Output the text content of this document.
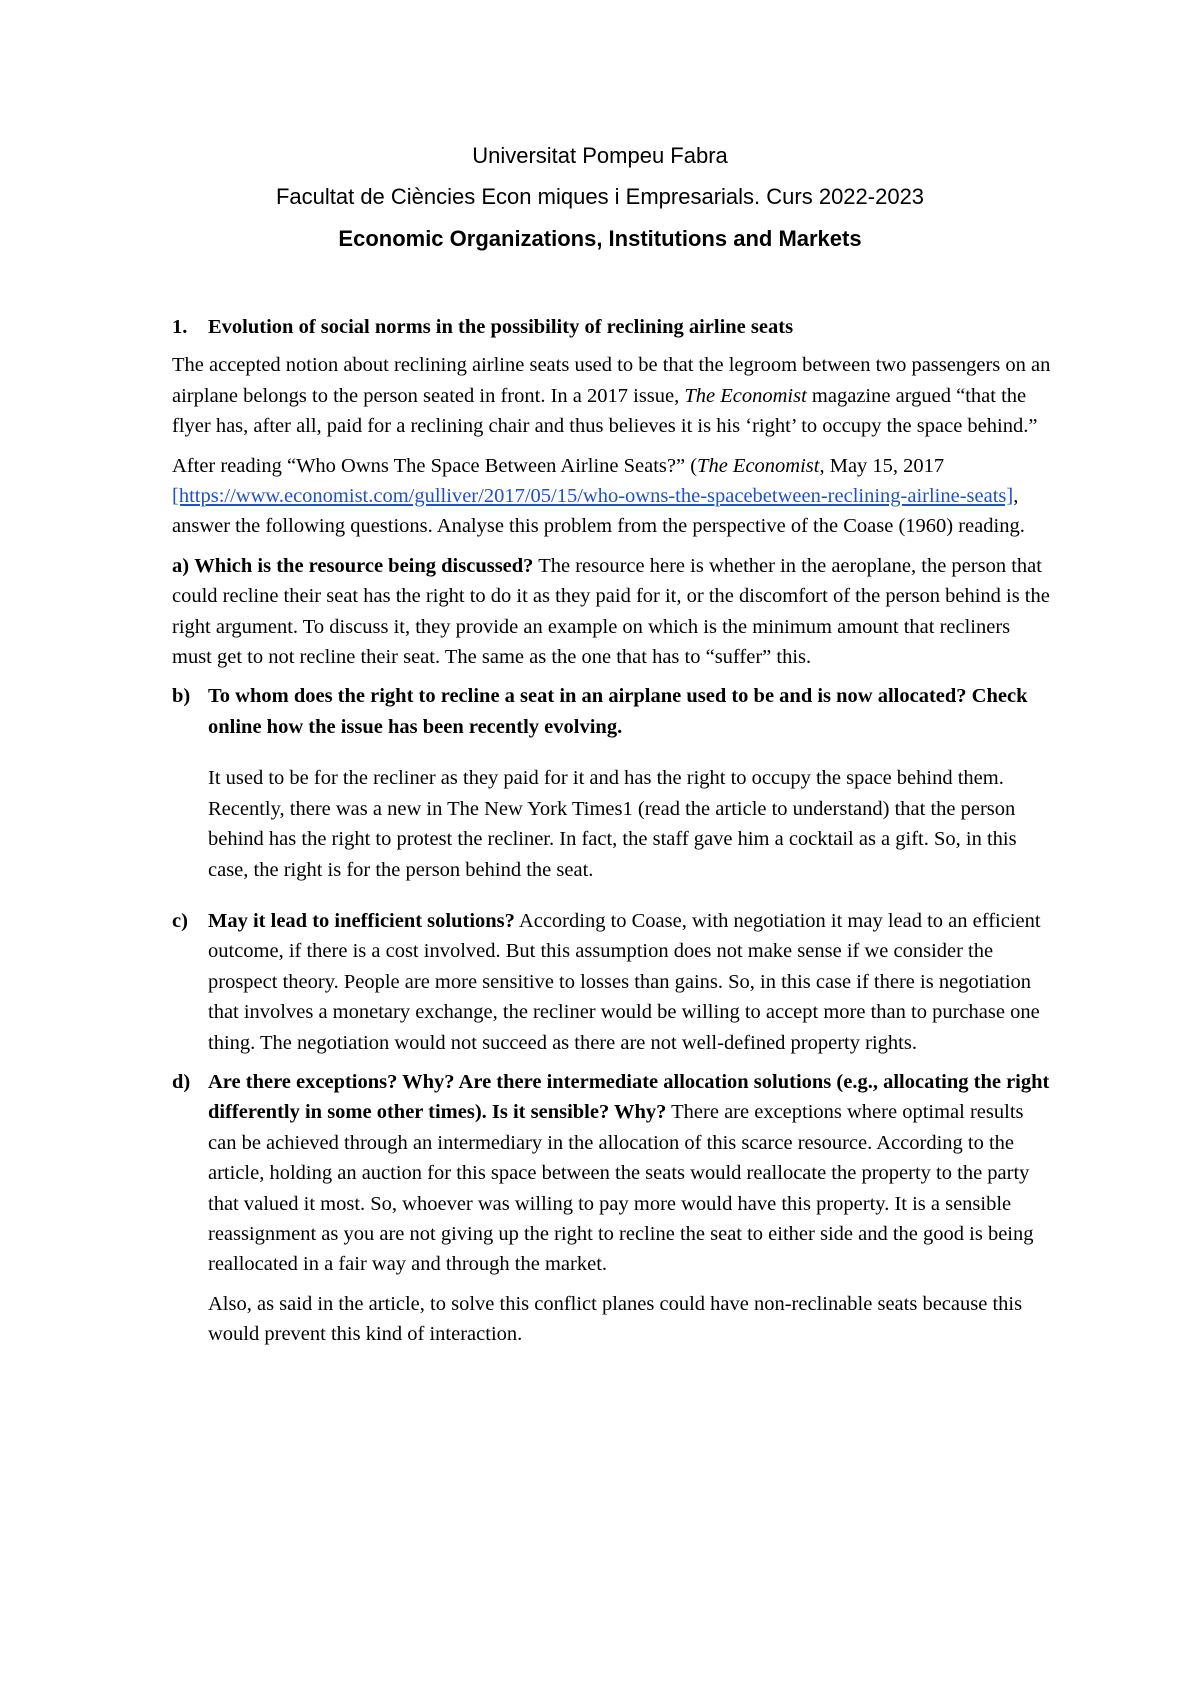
Universitat Pompeu Fabra
Facultat de Ciències Econ miques i Empresarials. Curs 2022-2023
Economic Organizations, Institutions and Markets

1.	Evolution of social norms in the possibility of reclining airline seats

The accepted notion about reclining airline seats used to be that the legroom between two passengers on an airplane belongs to the person seated in front. In a 2017 issue, The Economist magazine argued “that the flyer has, after all, paid for a reclining chair and thus believes it is his ‘right’ to occupy the space behind.”

After reading “Who Owns The Space Between Airline Seats?” (The Economist, May 15, 2017 [https://www.economist.com/gulliver/2017/05/15/who-owns-the-spacebetween-reclining-airline-seats], answer the following questions. Analyse this problem from the perspective of the Coase (1960) reading.

a) Which is the resource being discussed? The resource here is whether in the aeroplane, the person that could recline their seat has the right to do it as they paid for it, or the discomfort of the person behind is the right argument. To discuss it, they provide an example on which is the minimum amount that recliners must get to not recline their seat. The same as the one that has to “suffer” this.

b) To whom does the right to recline a seat in an airplane used to be and is now allocated? Check online how the issue has been recently evolving.

It used to be for the recliner as they paid for it and has the right to occupy the space behind them. Recently, there was a new in The New York Times1 (read the article to understand) that the person behind has the right to protest the recliner. In fact, the staff gave him a cocktail as a gift. So, in this case, the right is for the person behind the seat.

c) May it lead to inefficient solutions? According to Coase, with negotiation it may lead to an efficient outcome, if there is a cost involved. But this assumption does not make sense if we consider the prospect theory. People are more sensitive to losses than gains. So, in this case if there is negotiation that involves a monetary exchange, the recliner would be willing to accept more than to purchase one thing. The negotiation would not succeed as there are not well-defined property rights.

d) Are there exceptions? Why? Are there intermediate allocation solutions (e.g., allocating the right differently in some other times). Is it sensible? Why? There are exceptions where optimal results can be achieved through an intermediary in the allocation of this scarce resource. According to the article, holding an auction for this space between the seats would reallocate the property to the party that valued it most. So, whoever was willing to pay more would have this property. It is a sensible reassignment as you are not giving up the right to recline the seat to either side and the good is being reallocated in a fair way and through the market.

Also, as said in the article, to solve this conflict planes could have non-reclinable seats because this would prevent this kind of interaction.
